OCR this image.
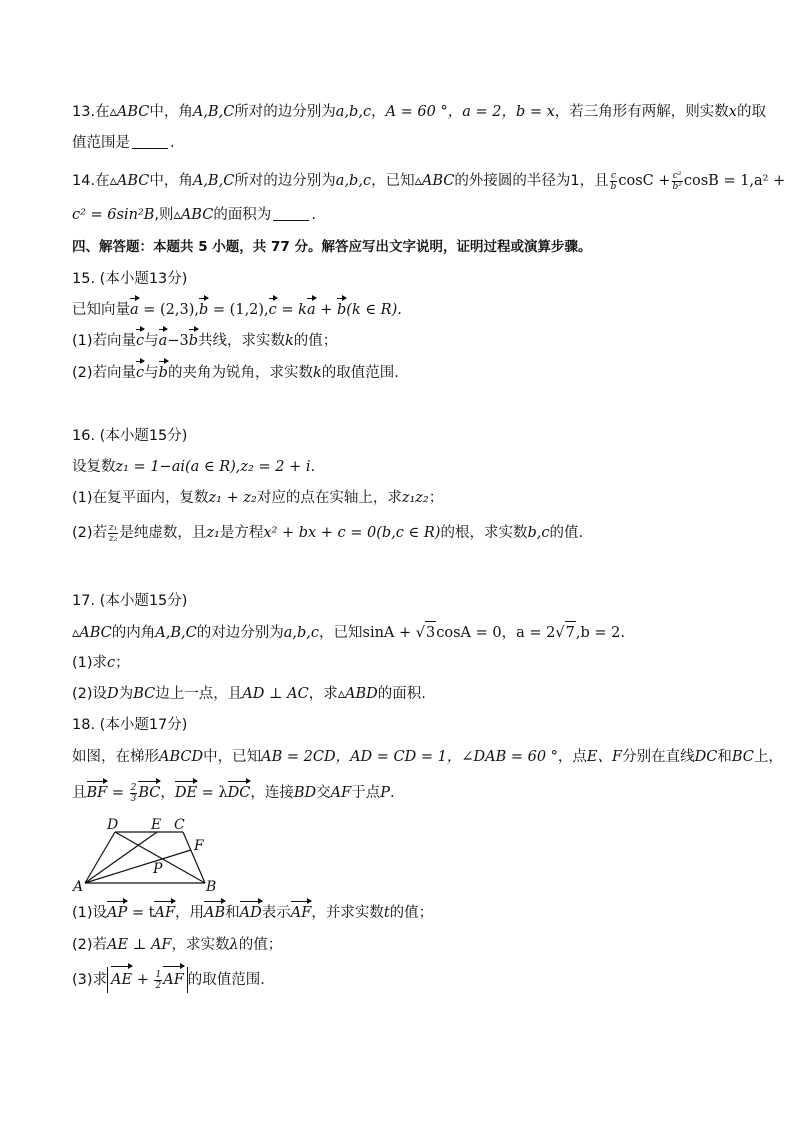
13.在▵ABC中，角A,B,C所对的边分别为a,b,c，A = 60 °，a = 2，b = x，若三角形有两解，则实数x的取
值范围是	.
14.在▵ABC中，角A,B,C所对的边分别为a,b,c，已知▵ABC的外接圆的半径为1，且 $\frac{c}{b}$ $\cos C + \frac{\text{c²}}{\text{b²}}$ cosB = 1,a² +
c² = 6sin²B,则▵ABC的面积为	.
四、解答题：本题共 5 小题，共 77 分。解答应写出文字说明，证明过程或演算步骤。
15. (本小题13分)
已知向量a = (2,3),b = (1,2),c = ka + b(k ∈ R).
(1)若向量c与a−3b共线，求实数k的值；
(2)若向量c与b的夹角为锐角，求实数k的取值范围.
16. (本小题15分)
设复数z₁ = 1−ai(a ∈ R),z₂ = 2 + i.
(1)在复平面内，复数z₁ + z₂对应的点在实轴上，求z₁z₂；
(2)若 $\frac{\text{z₁}}{\text{z₂}}$ 是纯虚数，且z₁是方程x² + bx + c = 0(b,c ∈ R)的根，求实数b,c的值.
17. (本小题15分)
▵ABC的内角A,B,C的对边分别为a,b,c，已知sinA + √3cosA = 0，a = 2√7,b = 2.
(1)求c；
(2)设D为BC边上一点，且AD ⊥ AC，求▵ABD的面积.
18. (本小题17分)
如图，在梯形ABCD中，已知AB = 2CD，AD = CD = 1，∠DAB = 60 °，点E、F分别在直线DC和BC上，
且BF = $\frac{2}{3}$ BC，DE = λDC，连接BD交AF于点P.
D E C
F
P
A	B
(1)设AP = tAF，用AB和AD表示AF，并求实数t的值；
(2)若AE ⊥ AF，求实数λ的值；
(3)求 AE + $\frac{1}{2}$ AF 的取值范围.
